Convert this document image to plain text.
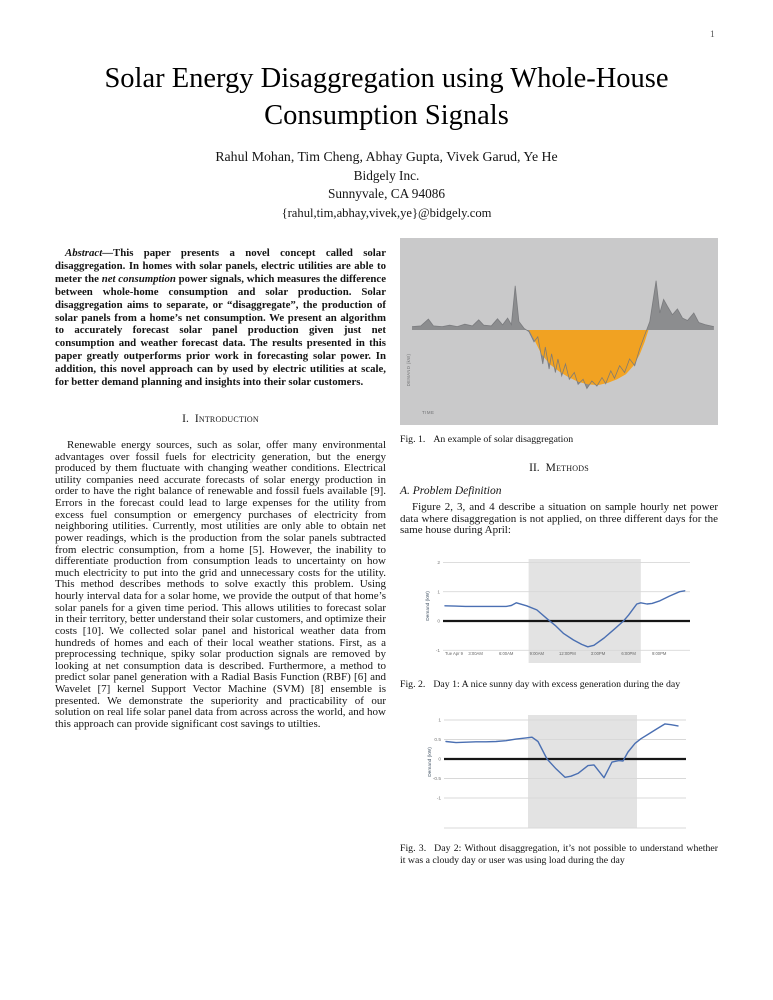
1
Solar Energy Disaggregation using Whole-House
Consumption Signals
Rahul Mohan, Tim Cheng, Abhay Gupta, Vivek Garud, Ye He
Bidgely Inc.
Sunnyvale, CA 94086
{rahul,tim,abhay,vivek,ye}@bidgely.com

Abstract—This paper presents a novel concept called solar disaggregation. In homes with solar panels, electric utilities are able to meter the net consumption power signals, which measures the difference between whole-home consumption and solar production. Solar disaggregation aims to separate, or “disaggregate”, the production of solar panels from a home’s net consumption. We present an algorithm to accurately forecast solar panel production given just net consumption and weather forecast data. The results presented in this paper greatly outperforms prior work in forecasting solar power. In addition, this novel approach can by used by electric utilities at scale, for better demand planning and insights into their solar customers.

I. Introduction

Renewable energy sources, such as solar, offer many environmental advantages over fossil fuels for electricity generation, but the energy produced by them fluctuate with changing weather conditions. Electrical utility companies need accurate forecasts of solar energy production in order to have the right balance of renewable and fossil fuels available [9]. Errors in the forecast could lead to large expenses for the utility from excess fuel consumption or emergency purchases of electricity from neighboring utilities. Currently, most utilities are only able to obtain net power readings, which is the production from the solar panels subtracted from electric consumption, from a home [5]. However, the inability to differentiate production from consumption leads to uncertainty on how much electricity to put into the grid and unnecessary costs for the utility. This method describes methods to solve exactly this problem. Using hourly interval data for a solar home, we provide the output of that home’s solar panels for a given time period. This allows utilities to forecast solar in their territory, better understand their solar customers, and optimize their costs [10]. We collected solar panel and historical weather data from hundreds of homes and each of their local weather stations. First, as a preprocessing technique, spiky solar production signals are removed by looking at net consumption data is described. Furthermore, a method to predict solar panel generation with a Radial Basis Function (RBF) [6] and Wavelet [7] kernel Support Vector Machine (SVM) [8] ensemble is presented. We demonstrate the superiority and practicability of our solution on real life solar panel data from across across the world, and how this approach can provide significant cost savings to utilties.

DEMAND (kW)
TIME
Fig. 1. An example of solar disaggregation
II. Methods
A. Problem Definition

Figure 2, 3, and 4 describe a situation on sample hourly net power data where disaggregation is not applied, on three different days for the same house during April:

2
1
0
-1 Tue Apr 9 3:00AM	6:00AM	9:00AM	12:00PM	3:00PM	6:00PM	9:00PM
Demand (kW)
Fig. 2. Day 1: A nice sunny day with excess generation during the day
1
0.5
0
-0.5
-1
Demand (kW)
Fig. 3. Day 2: Without disaggregation, it’s not possible to understand whether
it was a cloudy day or user was using load during the day
